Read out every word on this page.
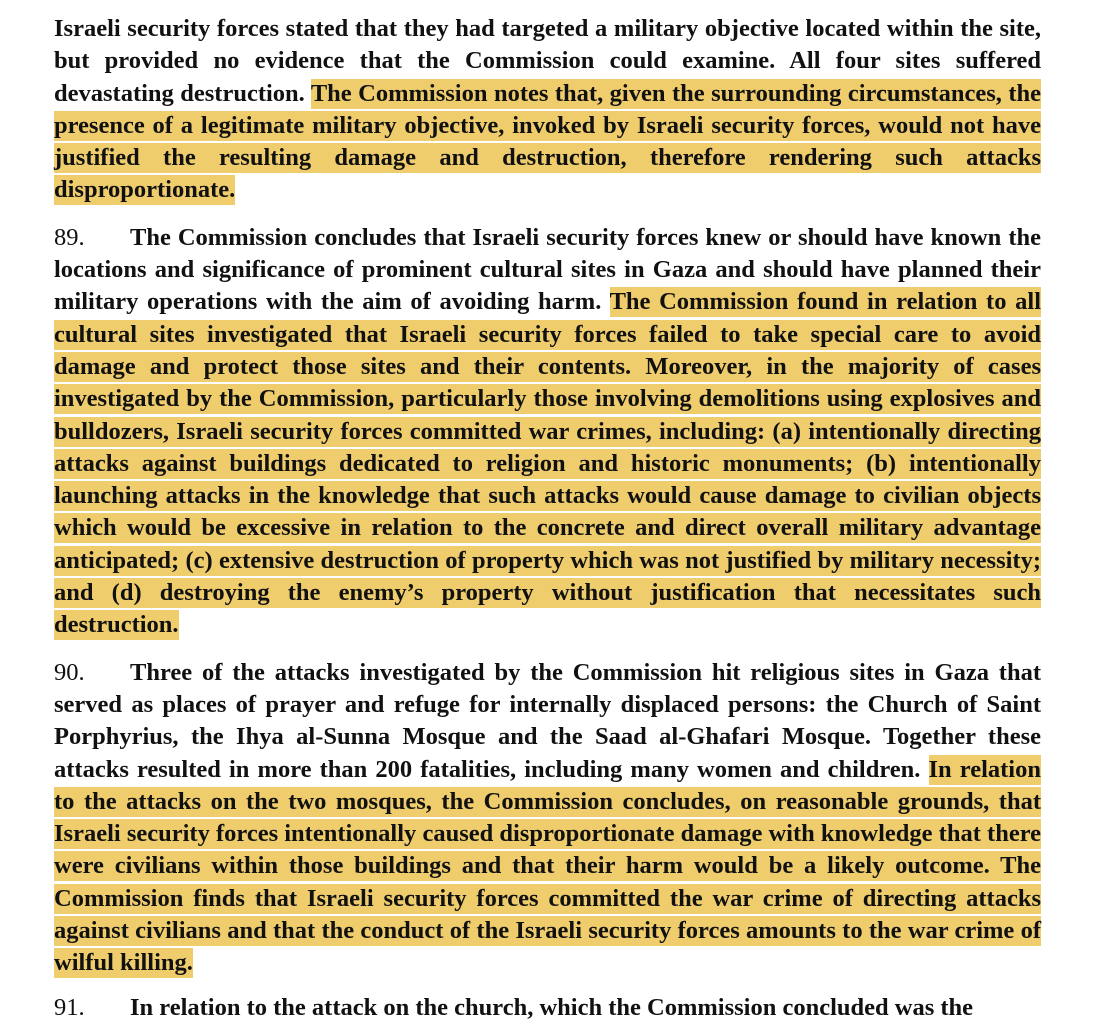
Israeli security forces stated that they had targeted a military objective located within the site, but provided no evidence that the Commission could examine. All four sites suffered devastating destruction. The Commission notes that, given the surrounding circumstances, the presence of a legitimate military objective, invoked by Israeli security forces, would not have justified the resulting damage and destruction, therefore rendering such attacks disproportionate.

89. The Commission concludes that Israeli security forces knew or should have known the locations and significance of prominent cultural sites in Gaza and should have planned their military operations with the aim of avoiding harm. The Commission found in relation to all cultural sites investigated that Israeli security forces failed to take special care to avoid damage and protect those sites and their contents. Moreover, in the majority of cases investigated by the Commission, particularly those involving demolitions using explosives and bulldozers, Israeli security forces committed war crimes, including: (a) intentionally directing attacks against buildings dedicated to religion and historic monuments; (b) intentionally launching attacks in the knowledge that such attacks would cause damage to civilian objects which would be excessive in relation to the concrete and direct overall military advantage anticipated; (c) extensive destruction of property which was not justified by military necessity; and (d) destroying the enemy’s property without justification that necessitates such destruction.

90. Three of the attacks investigated by the Commission hit religious sites in Gaza that served as places of prayer and refuge for internally displaced persons: the Church of Saint Porphyrius, the Ihya al-Sunna Mosque and the Saad al-Ghafari Mosque. Together these attacks resulted in more than 200 fatalities, including many women and children. In relation to the attacks on the two mosques, the Commission concludes, on reasonable grounds, that Israeli security forces intentionally caused disproportionate damage with knowledge that there were civilians within those buildings and that their harm would be a likely outcome. The Commission finds that Israeli security forces committed the war crime of directing attacks against civilians and that the conduct of the Israeli security forces amounts to the war crime of wilful killing.

91. In relation to the attack on the church, which the Commission concluded was the
